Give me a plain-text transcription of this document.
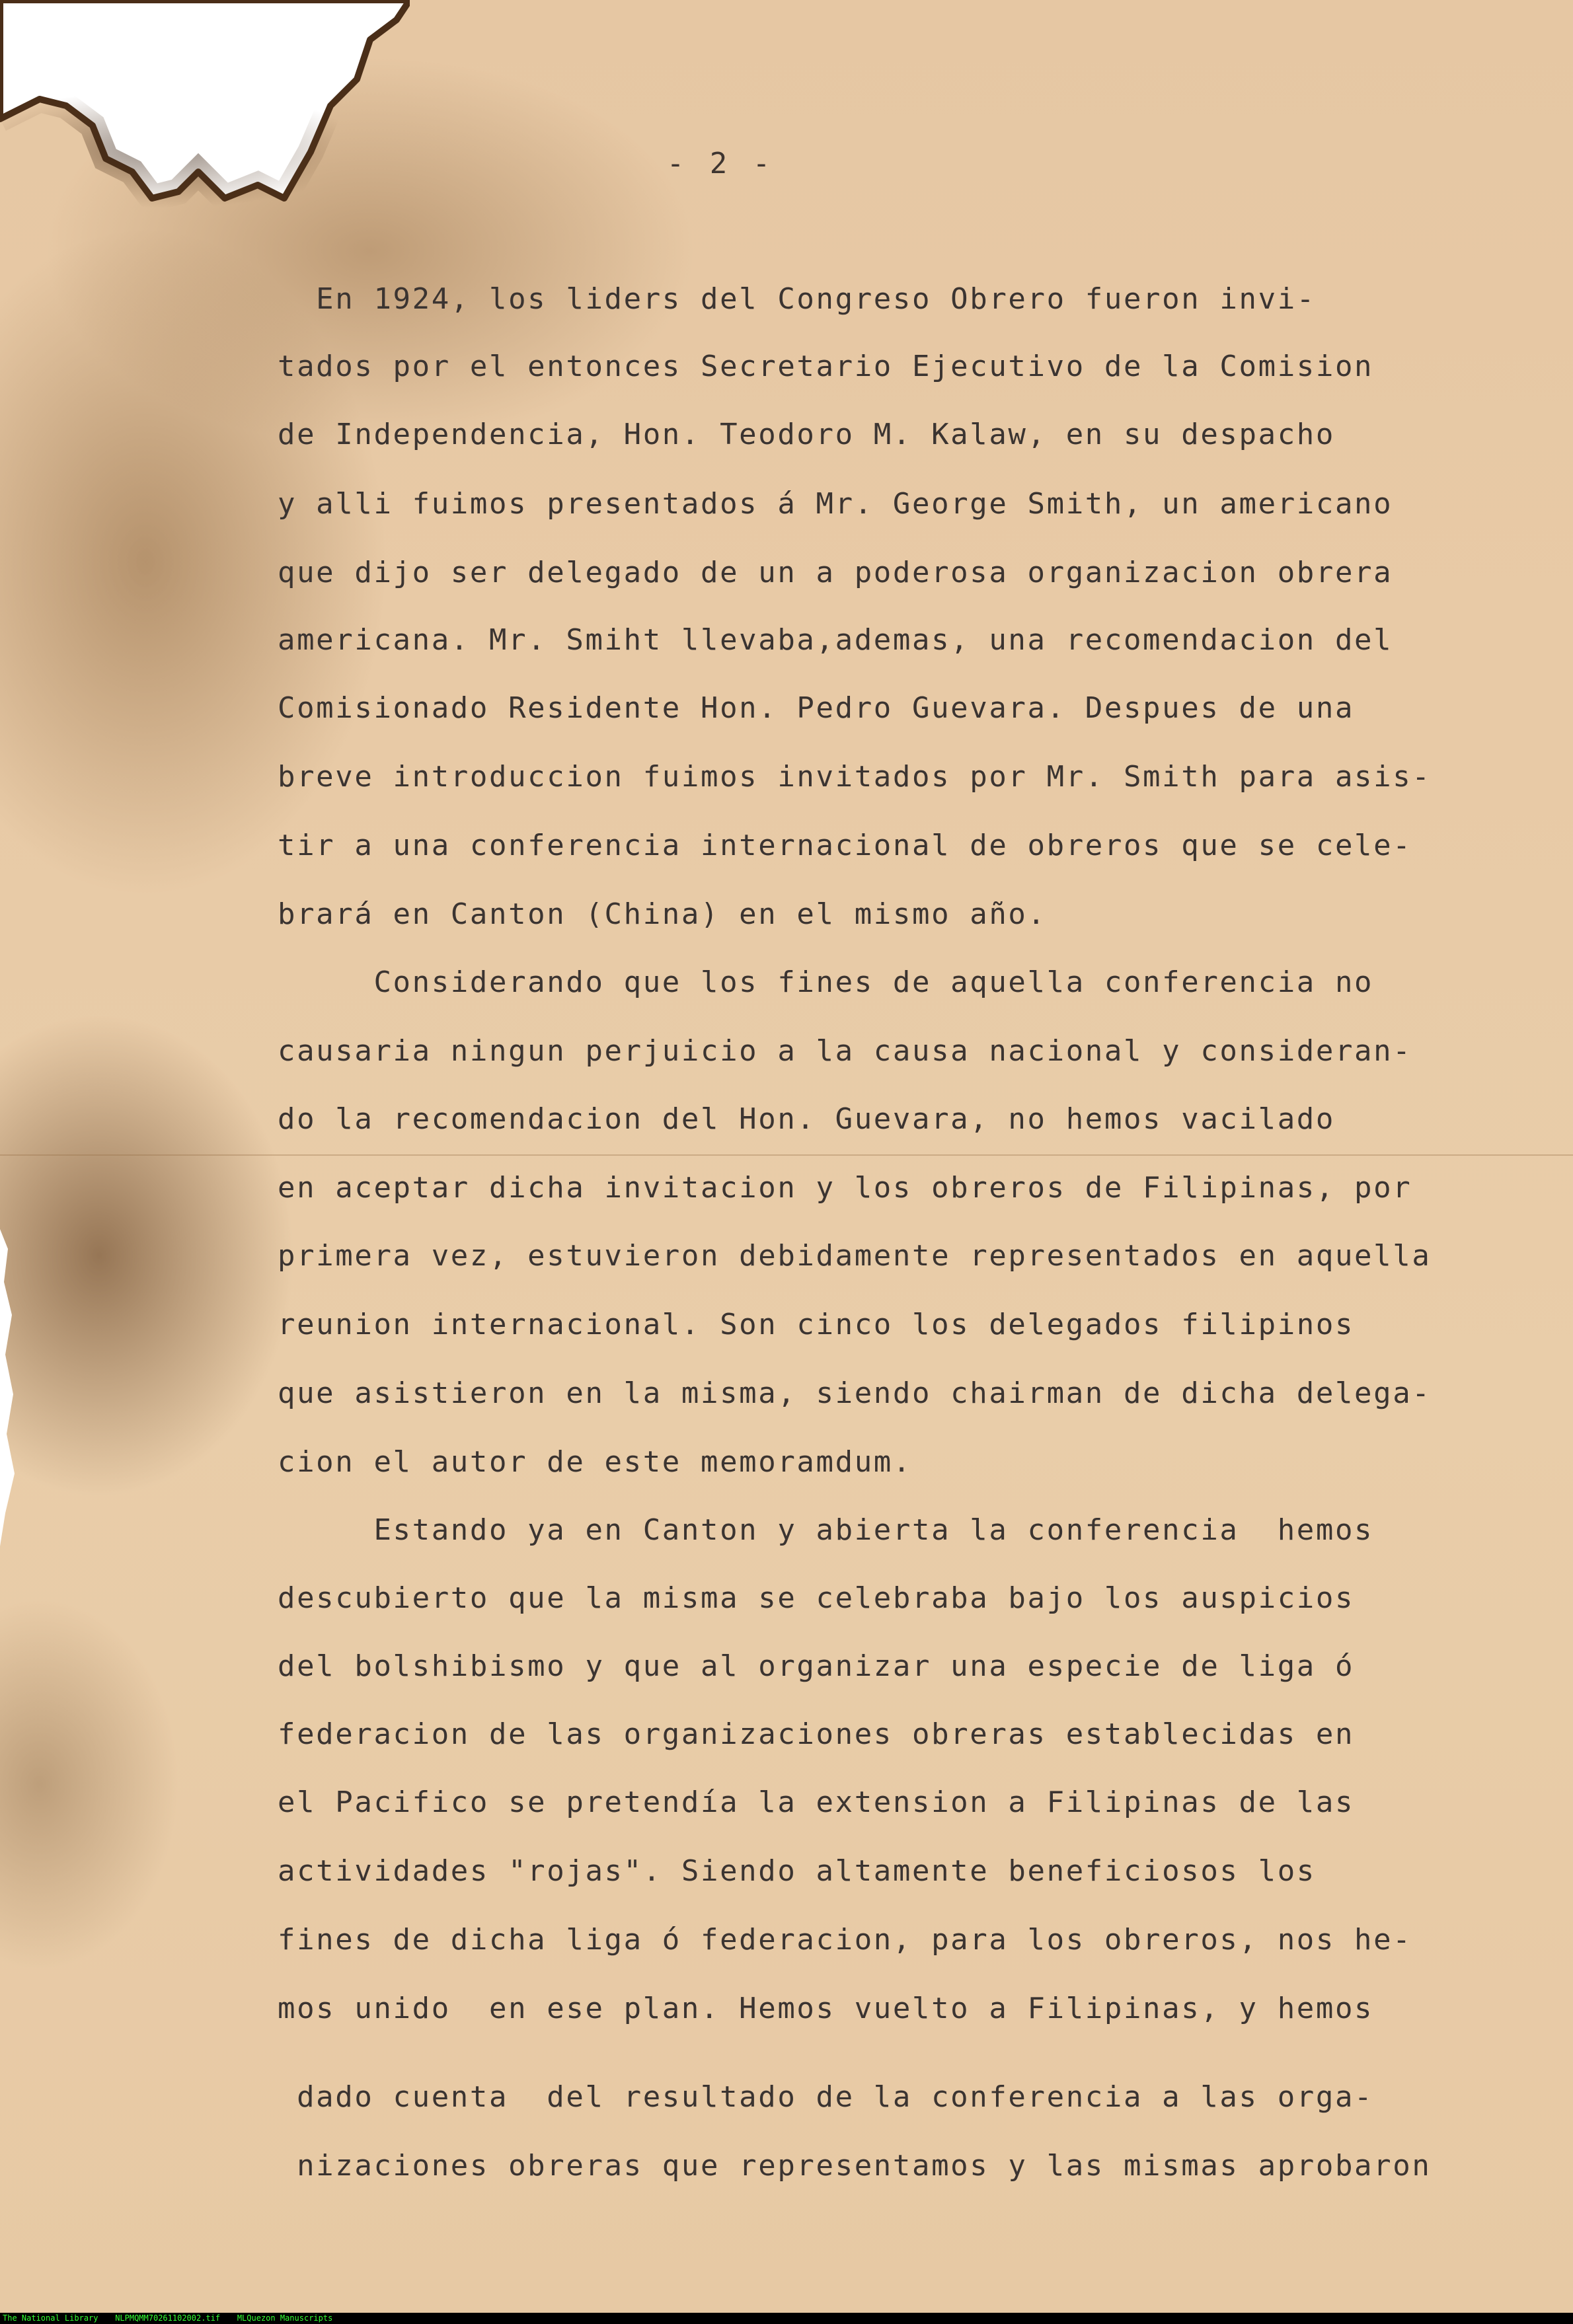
- 2 -
En 1924, los liders del Congreso Obrero fueron invi-
tados por el entonces Secretario Ejecutivo de la Comision
de Independencia, Hon. Teodoro M. Kalaw, en su despacho
y alli fuimos presentados á Mr. George Smith, un americano
que dijo ser delegado de un a poderosa organizacion obrera
americana. Mr. Smiht llevaba,ademas, una recomendacion del
Comisionado Residente Hon. Pedro Guevara. Despues de una
breve introduccion fuimos invitados por Mr. Smith para asis-
tir a una conferencia internacional de obreros que se cele-
brará en Canton (China) en el mismo año.
Considerando que los fines de aquella conferencia no
causaria ningun perjuicio a la causa nacional y consideran-
do la recomendacion del Hon. Guevara, no hemos vacilado
en aceptar dicha invitacion y los obreros de Filipinas, por
primera vez, estuvieron debidamente representados en aquella
reunion internacional. Son cinco los delegados filipinos
que asistieron en la misma, siendo chairman de dicha delega-
cion el autor de este memoramdum.
Estando ya en Canton y abierta la conferencia  hemos
descubierto que la misma se celebraba bajo los auspicios
del bolshibismo y que al organizar una especie de liga ó
federacion de las organizaciones obreras establecidas en
el Pacifico se pretendía la extension a Filipinas de las
actividades "rojas". Siendo altamente beneficiosos los
fines de dicha liga ó federacion, para los obreros, nos he-
mos unido  en ese plan. Hemos vuelto a Filipinas, y hemos
dado cuenta  del resultado de la conferencia a las orga-
nizaciones obreras que representamos y las mismas aprobaron
The National Library NLPMQMM70261102002.tif MLQuezon Manuscripts
